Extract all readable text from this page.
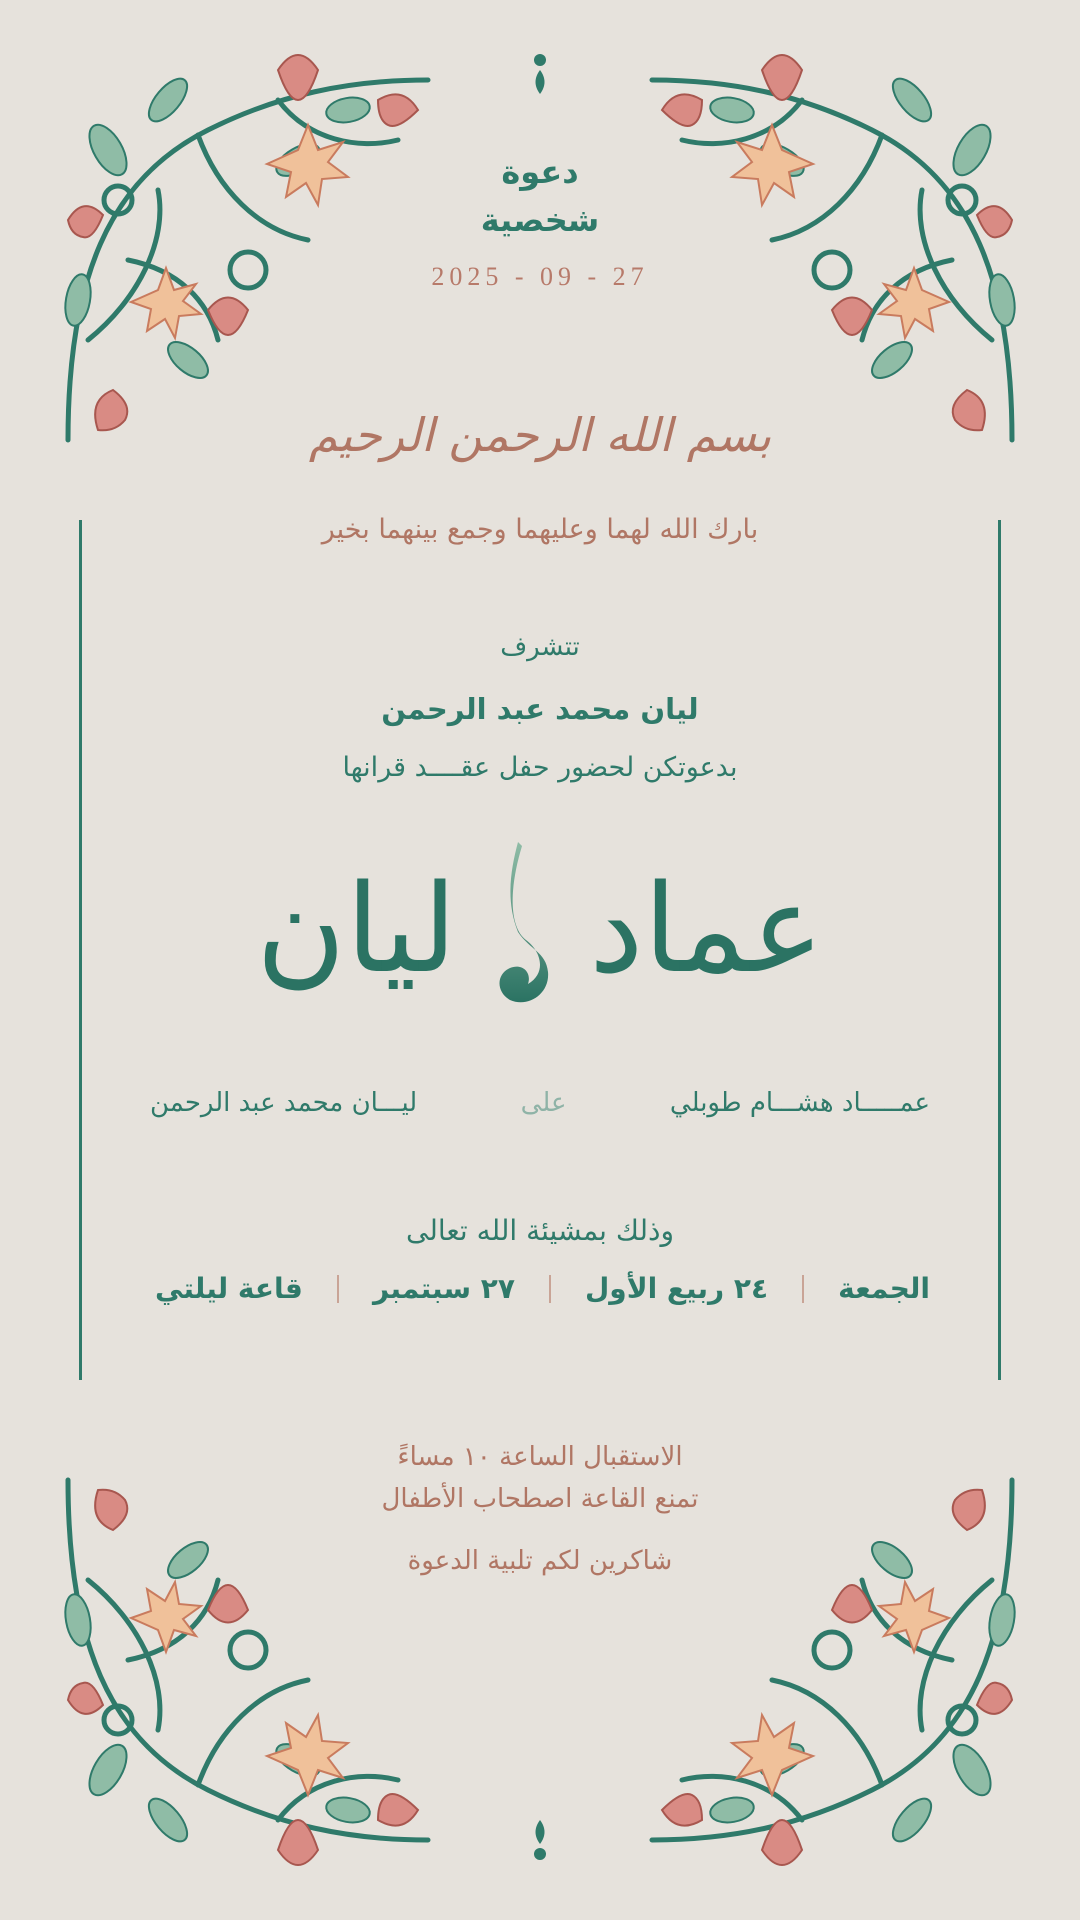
دعوة
شخصية
2025 - 09 - 27
بسم الله الرحمن الرحيم
بارك الله لهما وعليهما وجمع بينهما بخير
تتشرف
ليان محمد عبد الرحمن
بدعوتكن لحضور حفل عقــــد قرانها
عماد  ليان
عمـــــاد هشـــام طوبلي
على
ليـــان محمد عبد الرحمن
وذلك بمشيئة الله تعالى
الجمعة
٢٤ ربيع الأول
٢٧ سبتمبر
قاعة ليلتي
الاستقبال الساعة ١٠ مساءً
تمنع القاعة اصطحاب الأطفال
شاكرين لكم تلبية الدعوة
